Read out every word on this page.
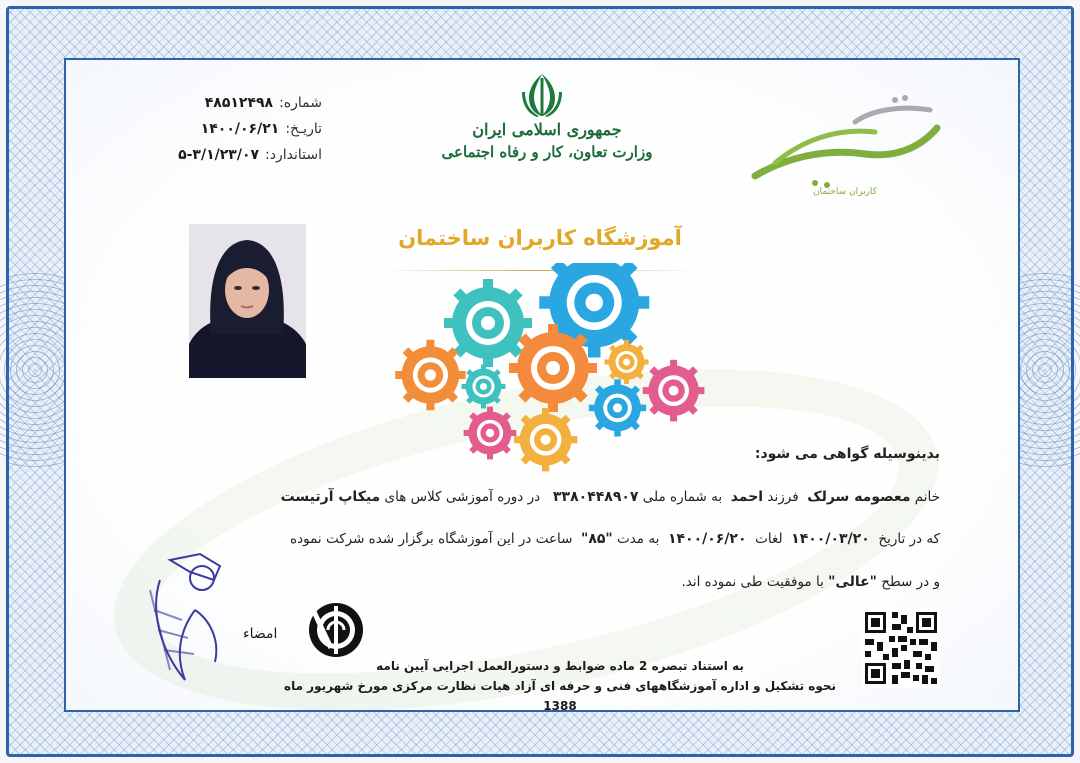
شماره:۴۸۵۱۲۴۹۸
تاریـخ:۱۴۰۰/۰۶/۲۱
استاندارد:۳/۱/۲۳/۰۷-۵
جمهوری اسلامی ایران
وزارت تعاون، کار و رفاه اجتماعی
کاربران ساختمان
آموزشگاه کاربران ساختمان
بدینوسیله گواهی می شود:
خانم معصومه سرلک  فرزند احمد  به شماره ملی ۳۳۸۰۴۴۸۹۰۷   در دوره آموزشی کلاس های میکاپ آرتیست
که در تاریخ  ۱۴۰۰/۰۳/۲۰  لغات  ۱۴۰۰/۰۶/۲۰  به مدت "۸۵"  ساعت در این آموزشگاه برگزار شده شرکت نموده
و در سطح "عالی" با موفقیت طی نموده اند.
امضاء
به استناد تبصره 2 ماده ضوابط و دستورالعمل اجرایی آیین نامه
نحوه تشکیل و اداره آموزشگاههای فنی و حرفه ای آزاد هیات نظارت مرکزی مورخ شهریور ماه 1388
